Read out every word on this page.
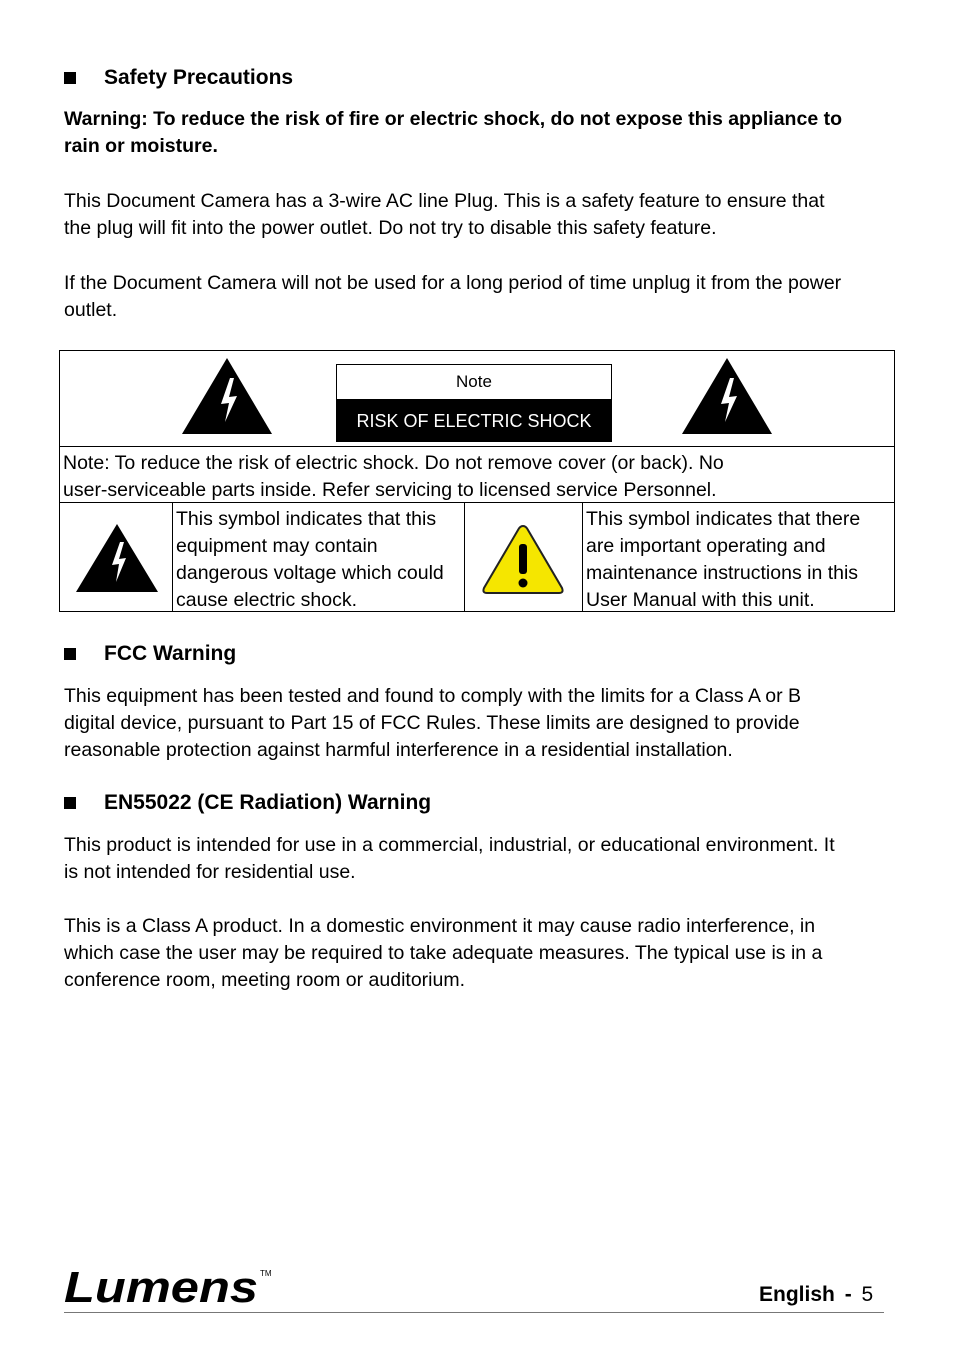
Safety Precautions
Warning: To reduce the risk of fire or electric shock, do not expose this appliance to
rain or moisture.
This Document Camera has a 3-wire AC line Plug. This is a safety feature to ensure that
the plug will fit into the power outlet. Do not try to disable this safety feature.
If the Document Camera will not be used for a long period of time unplug it from the power
outlet.
Note
RISK OF ELECTRIC SHOCK
Note: To reduce the risk of electric shock. Do not remove cover (or back). No
user-serviceable parts inside. Refer servicing to licensed service Personnel.
This symbol indicates that this
equipment may contain
dangerous voltage which could
cause electric shock.
This symbol indicates that there
are important operating and
maintenance instructions in this
User Manual with this unit.
FCC Warning
This equipment has been tested and found to comply with the limits for a Class A or B
digital device, pursuant to Part 15 of FCC Rules. These limits are designed to provide
reasonable protection against harmful interference in a residential installation.
EN55022 (CE Radiation) Warning
This product is intended for use in a commercial, industrial, or educational environment. It
is not intended for residential use.
This is a Class A product. In a domestic environment it may cause radio interference, in
which case the user may be required to take adequate measures. The typical use is in a
conference room, meeting room or auditorium.
Lumens TM
English - 5
